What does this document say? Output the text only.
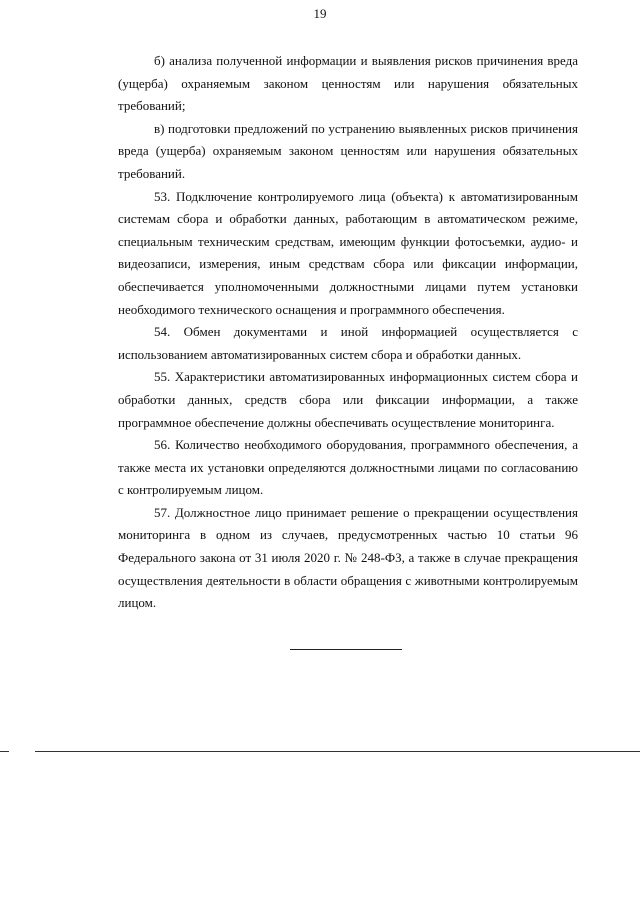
19

б) анализа полученной информации и выявления рисков причинения вреда (ущерба) охраняемым законом ценностям или нарушения обязательных требований;

в) подготовки предложений по устранению выявленных рисков причинения вреда (ущерба) охраняемым законом ценностям или нарушения обязательных требований.

53. Подключение контролируемого лица (объекта) к автоматизированным системам сбора и обработки данных, работающим в автоматическом режиме, специальным техническим средствам, имеющим функции фотосъемки, аудио- и видеозаписи, измерения, иным средствам сбора или фиксации информации, обеспечивается уполномоченными должностными лицами путем установки необходимого технического оснащения и программного обеспечения.

54. Обмен документами и иной информацией осуществляется с использованием автоматизированных систем сбора и обработки данных.

55. Характеристики автоматизированных информационных систем сбора и обработки данных, средств сбора или фиксации информации, а также программное обеспечение должны обеспечивать осуществление мониторинга.

56. Количество необходимого оборудования, программного обеспечения, а также места их установки определяются должностными лицами по согласованию с контролируемым лицом.

57. Должностное лицо принимает решение о прекращении осуществления мониторинга в одном из случаев, предусмотренных частью 10 статьи 96 Федерального закона от 31 июля 2020 г. № 248-ФЗ, а также в случае прекращения осуществления деятельности в области обращения с животными контролируемым лицом.
